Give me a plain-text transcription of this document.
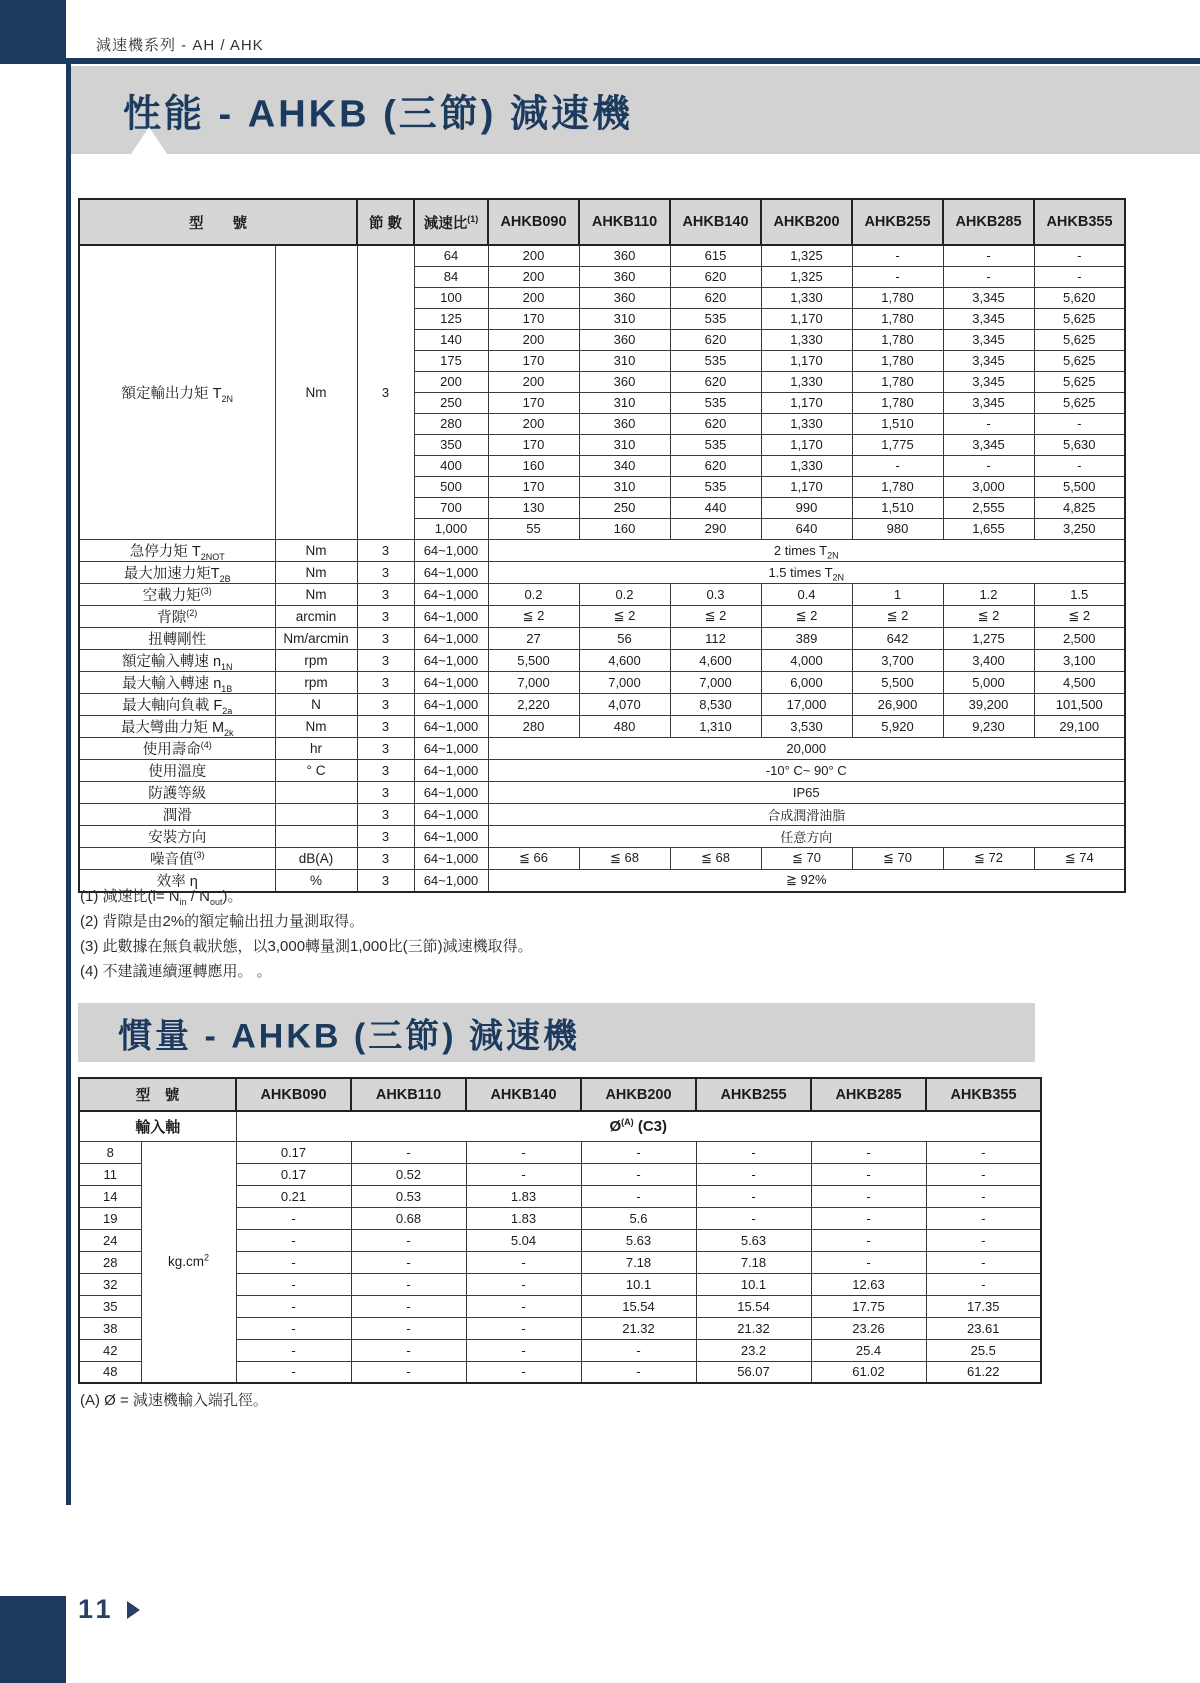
減速機系列 - AH / AHK
性能 - AHKB (三節) 減速機
型　　號		節 數	減速比$^{(1)}$	AHKB090	AHKB110	AHKB140	AHKB200	AHKB255	AHKB285	AHKB355
額定輸出力矩 $T_{2N}$	Nm	3	64	200	360	615	1,325	-	-	-
			84	200	360	620	1,325	-	-	-
			100	200	360	620	1,330	1,780	3,345	5,620
			125	170	310	535	1,170	1,780	3,345	5,625
			140	200	360	620	1,330	1,780	3,345	5,625
			175	170	310	535	1,170	1,780	3,345	5,625
			200	200	360	620	1,330	1,780	3,345	5,625
			250	170	310	535	1,170	1,780	3,345	5,625
			280	200	360	620	1,330	1,510	-	-
			350	170	310	535	1,170	1,775	3,345	5,630
			400	160	340	620	1,330	-	-	-
			500	170	310	535	1,170	1,780	3,000	5,500
			700	130	250	440	990	1,510	2,555	4,825
			1,000	55	160	290	640	980	1,655	3,250
急停力矩 $T_{2NOT}$	Nm	3	64~1,000	2 times $T_{2N}$
最大加速力矩$T_{2B}$	Nm	3	64~1,000	1.5 times $T_{2N}$
空載力矩$^{(3)}$	Nm	3	64~1,000	0.2	0.2	0.3	0.4	1	1.2	1.5
背隙$^{(2)}$	arcmin	3	64~1,000	≦ 2	≦ 2	≦ 2	≦ 2	≦ 2	≦ 2	≦ 2
扭轉剛性	Nm/arcmin	3	64~1,000	27	56	112	389	642	1,275	2,500
額定輸入轉速 $n_{1N}$	rpm	3	64~1,000	5,500	4,600	4,600	4,000	3,700	3,400	3,100
最大輸入轉速 $n_{1B}$	rpm	3	64~1,000	7,000	7,000	7,000	6,000	5,500	5,000	4,500
最大軸向負載 $F_{2a}$	N	3	64~1,000	2,220	4,070	8,530	17,000	26,900	39,200	101,500
最大彎曲力矩 $M_{2k}$	Nm	3	64~1,000	280	480	1,310	3,530	5,920	9,230	29,100
使用壽命$^{(4)}$	hr	3	64~1,000	20,000						
使用溫度	° C	3	64~1,000	-10° C~ 90° C						
防護等級		3	64~1,000	IP65						
潤滑		3	64~1,000	合成潤滑油脂						
安裝方向		3	64~1,000	任意方向						
噪音值$^{(3)}$	dB(A)	3	64~1,000	≦ 66	≦ 68	≦ 68	≦ 70	≦ 70	≦ 72	≦ 74
效率 η	%	3	64~1,000	≧ 92%						
(1) 減速比$(i= N_{in} / N_{out})$。
(2) 背隙是由2%的額定輸出扭力量測取得。
(3) 此數據在無負載狀態，以3,000轉量測1,000比(三節)減速機取得。
(4) 不建議連續運轉應用。 。
慣量 - AHKB (三節) 減速機
型　號		AHKB090	AHKB110	AHKB140	AHKB200	AHKB255	AHKB285	AHKB355
輸入軸		$Ø^{(A)}$ (C3)						
8	$kg.cm^2$	0.17	-	-	-	-	-	-
11		0.17	0.52	-	-	-	-	-
14		0.21	0.53	1.83	-	-	-	-
19		-	0.68	1.83	5.6	-	-	-
24		-	-	5.04	5.63	5.63	-	-
28		-	-	-	7.18	7.18	-	-
32		-	-	-	10.1	10.1	12.63	-
35		-	-	-	15.54	15.54	17.75	17.35
38		-	-	-	21.32	21.32	23.26	23.61
42		-	-	-	-	23.2	25.4	25.5
48		-	-	-	-	56.07	61.02	61.22
(A) Ø = 減速機輸入端孔徑。
11
